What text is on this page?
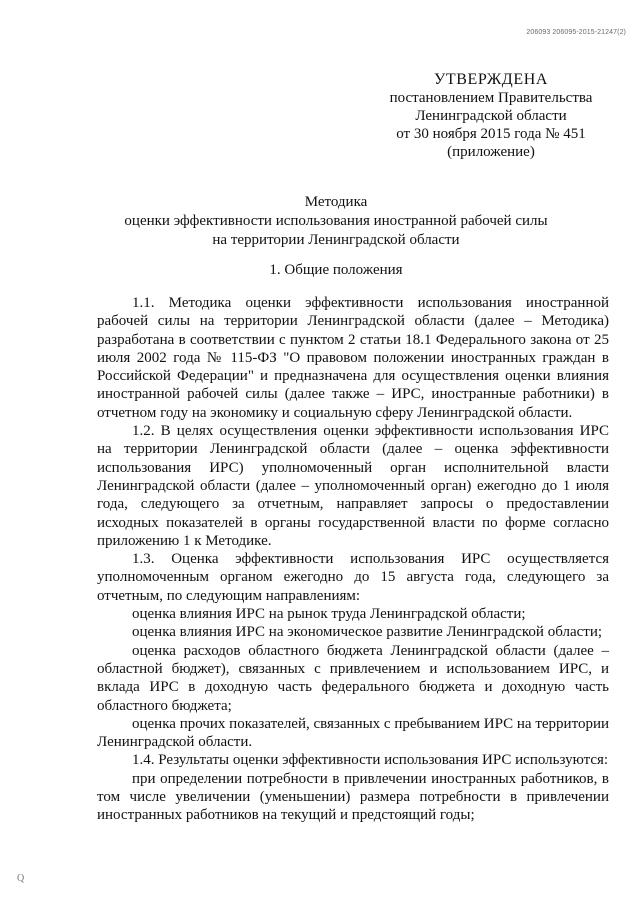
206093 206095-2015-21247(2)
УТВЕРЖДЕНА
постановлением Правительства
Ленинградской области
от 30 ноября 2015 года № 451
(приложение)
Методика
оценки эффективности использования иностранной рабочей силы
на территории Ленинградской области
1. Общие положения

1.1. Методика оценки эффективности использования иностранной рабочей силы на территории Ленинградской области (далее – Методика) разработана в соответствии с пунктом 2 статьи 18.1 Федерального закона от 25 июля 2002 года № 115-ФЗ "О правовом положении иностранных граждан в Российской Федерации" и предназначена для осуществления оценки влияния иностранной рабочей силы (далее также – ИРС, иностранные работники) в отчетном году на экономику и социальную сферу Ленинградской области.

1.2. В целях осуществления оценки эффективности использования ИРС на территории Ленинградской области (далее – оценка эффективности использования ИРС) уполномоченный орган исполнительной власти Ленинградской области (далее – уполномоченный орган) ежегодно до 1 июля года, следующего за отчетным, направляет запросы о предоставлении исходных показателей в органы государственной власти по форме согласно приложению 1 к Методике.

1.3. Оценка эффективности использования ИРС осуществляется уполномоченным органом ежегодно до 15 августа года, следующего за отчетным, по следующим направлениям:

оценка влияния ИРС на рынок труда Ленинградской области;

оценка влияния ИРС на экономическое развитие Ленинградской области;

оценка расходов областного бюджета Ленинградской области (далее – областной бюджет), связанных с привлечением и использованием ИРС, и вклада ИРС в доходную часть федерального бюджета и доходную часть областного бюджета;

оценка прочих показателей, связанных с пребыванием ИРС на территории Ленинградской области.

1.4. Результаты оценки эффективности использования ИРС используются:

при определении потребности в привлечении иностранных работников, в том числе увеличении (уменьшении) размера потребности в привлечении иностранных работников на текущий и предстоящий годы;

Q
